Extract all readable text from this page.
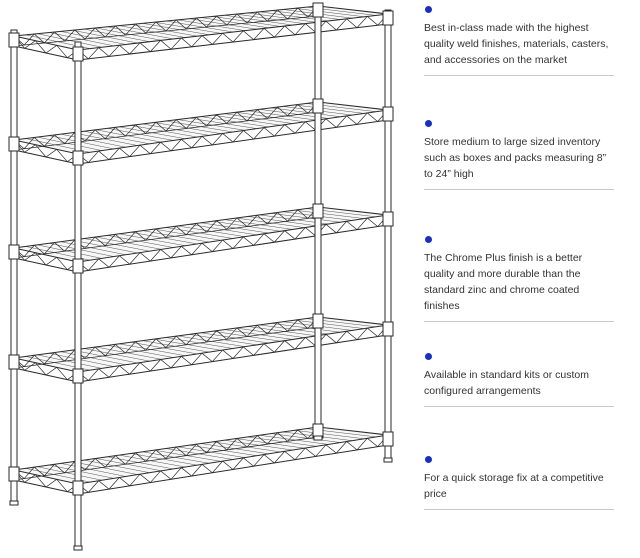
Best in-class made with the highest quality weld finishes, materials, casters, and accessories on the market
Store medium to large sized inventory such as boxes and packs measuring 8” to 24” high
The Chrome Plus finish is a better quality and more durable than the standard zinc and chrome coated finishes
Available in standard kits or custom configured arrangements
For a quick storage fix at a competitive price
